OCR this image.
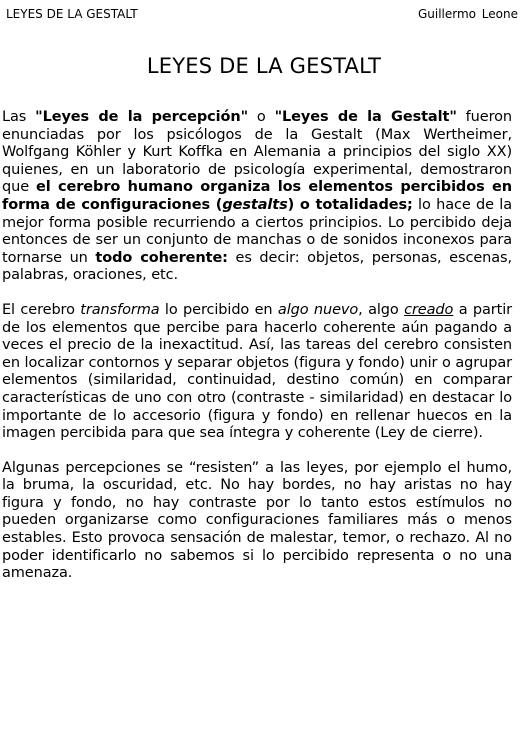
LEYES DE LA GESTALT	Guillermo Leone
LEYES DE LA GESTALT

Las "Leyes de la percepción" o "Leyes de la Gestalt" fueron enunciadas por los psicólogos de la Gestalt (Max Wertheimer, Wolfgang Köhler y Kurt Koffka en Alemania a principios del siglo XX) quienes, en un laboratorio de psicología experimental, demostraron que el cerebro humano organiza los elementos percibidos en forma de configuraciones (gestalts) o totalidades; lo hace de la mejor forma posible recurriendo a ciertos principios. Lo percibido deja entonces de ser un conjunto de manchas o de sonidos inconexos para tornarse un todo coherente: es decir: objetos, personas, escenas, palabras, oraciones, etc.

El cerebro transforma lo percibido en algo nuevo, algo creado a partir de los elementos que percibe para hacerlo coherente aún pagando a veces el precio de la inexactitud. Así, las tareas del cerebro consisten en localizar contornos y separar objetos (figura y fondo) unir o agrupar elementos (similaridad, continuidad, destino común) en comparar características de uno con otro (contraste - similaridad) en destacar lo importante de lo accesorio (figura y fondo) en rellenar huecos en la imagen percibida para que sea íntegra y coherente (Ley de cierre).

Algunas percepciones se “resisten” a las leyes, por ejemplo el humo, la bruma, la oscuridad, etc. No hay bordes, no hay aristas no hay figura y fondo, no hay contraste por lo tanto estos estímulos no pueden organizarse como configuraciones familiares más o menos estables. Esto provoca sensación de malestar, temor, o rechazo. Al no poder identificarlo no sabemos si lo percibido representa o no una amenaza.
